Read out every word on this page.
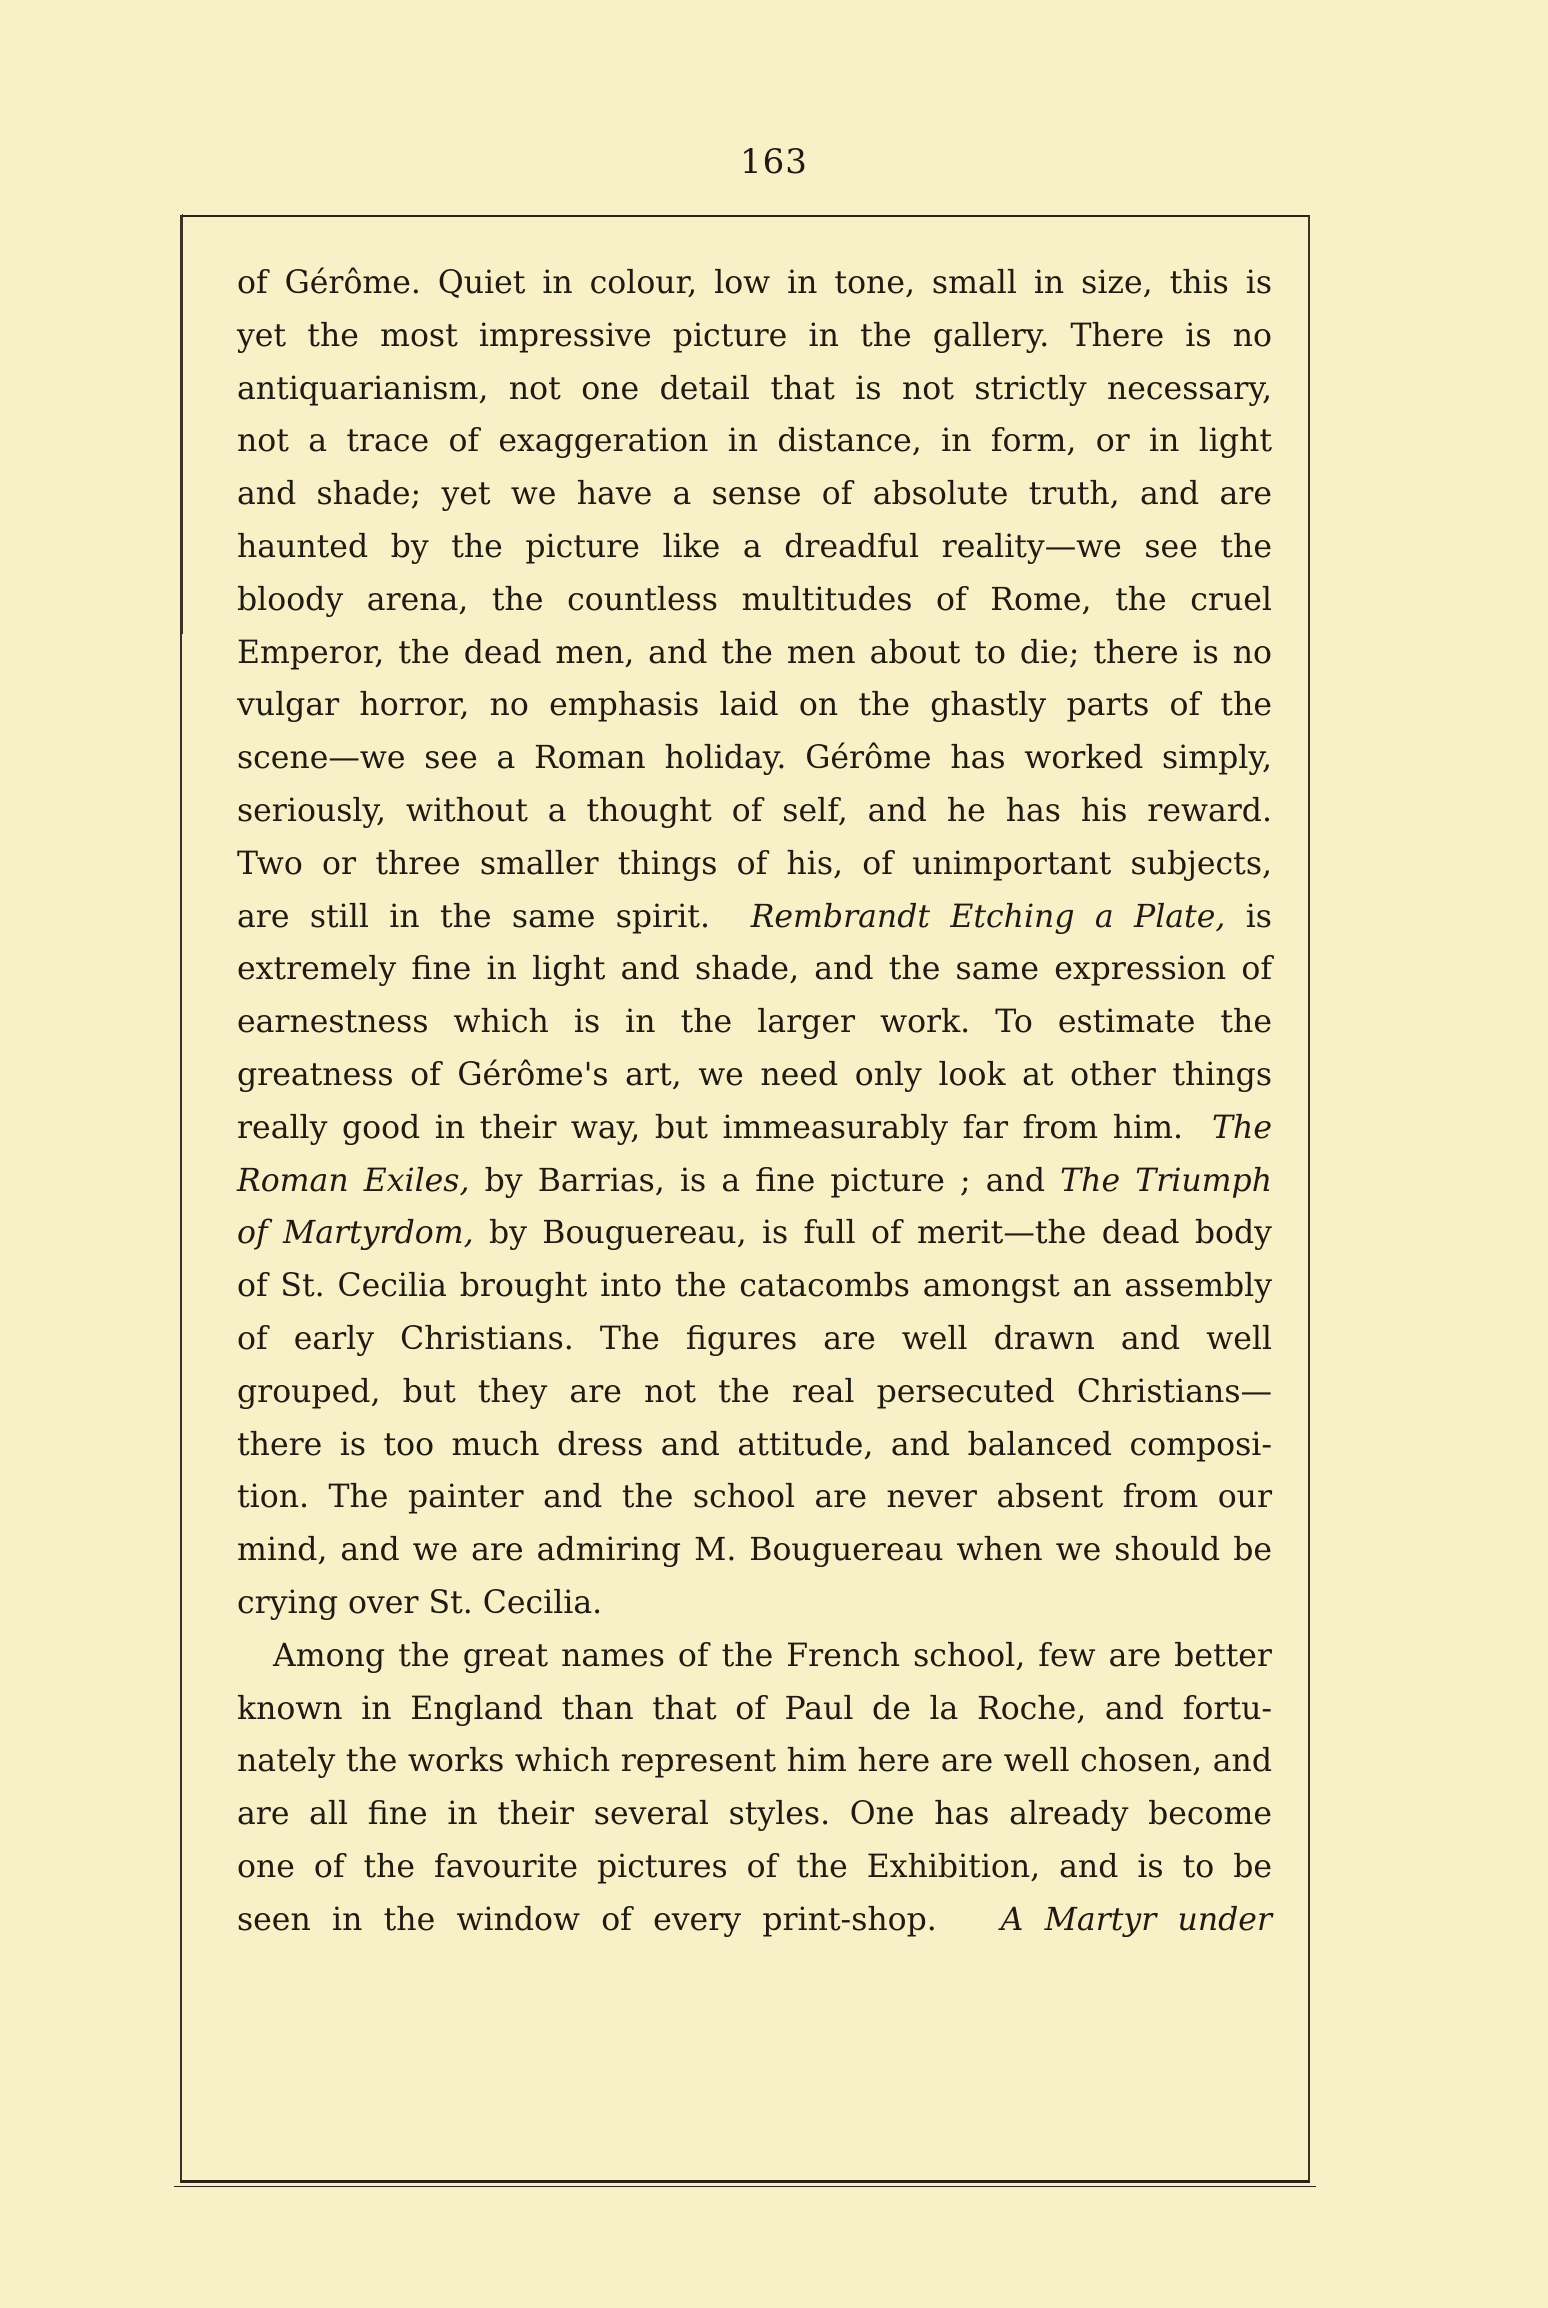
163
of Gérôme. Quiet in colour, low in tone, small in size, this is
yet the most impressive picture in the gallery. There is no
antiquarianism, not one detail that is not strictly necessary,
not a trace of exaggeration in distance, in form, or in light
and shade; yet we have a sense of absolute truth, and are
haunted by the picture like a dreadful reality—we see the
bloody arena, the countless multitudes of Rome, the cruel
Emperor, the dead men, and the men about to die; there is no
vulgar horror, no emphasis laid on the ghastly parts of the
scene—we see a Roman holiday. Gérôme has worked simply,
seriously, without a thought of self, and he has his reward.
Two or three smaller things of his, of unimportant subjects,
are still in the same spirit. Rembrandt Etching a Plate, is
extremely fine in light and shade, and the same expression of
earnestness which is in the larger work. To estimate the
greatness of Gérôme's art, we need only look at other things
really good in their way, but immeasurably far from him. The
Roman Exiles, by Barrias, is a fine picture ; and The Triumph
of Martyrdom, by Bouguereau, is full of merit—the dead body
of St. Cecilia brought into the catacombs amongst an assembly
of early Christians. The figures are well drawn and well
grouped, but they are not the real persecuted Christians—
there is too much dress and attitude, and balanced composi-
tion. The painter and the school are never absent from our
mind, and we are admiring M. Bouguereau when we should be
crying over St. Cecilia.
Among the great names of the French school, few are better
known in England than that of Paul de la Roche, and fortu-
nately the works which represent him here are well chosen, and
are all fine in their several styles. One has already become
one of the favourite pictures of the Exhibition, and is to be
seen in the window of every print-shop. A Martyr under
